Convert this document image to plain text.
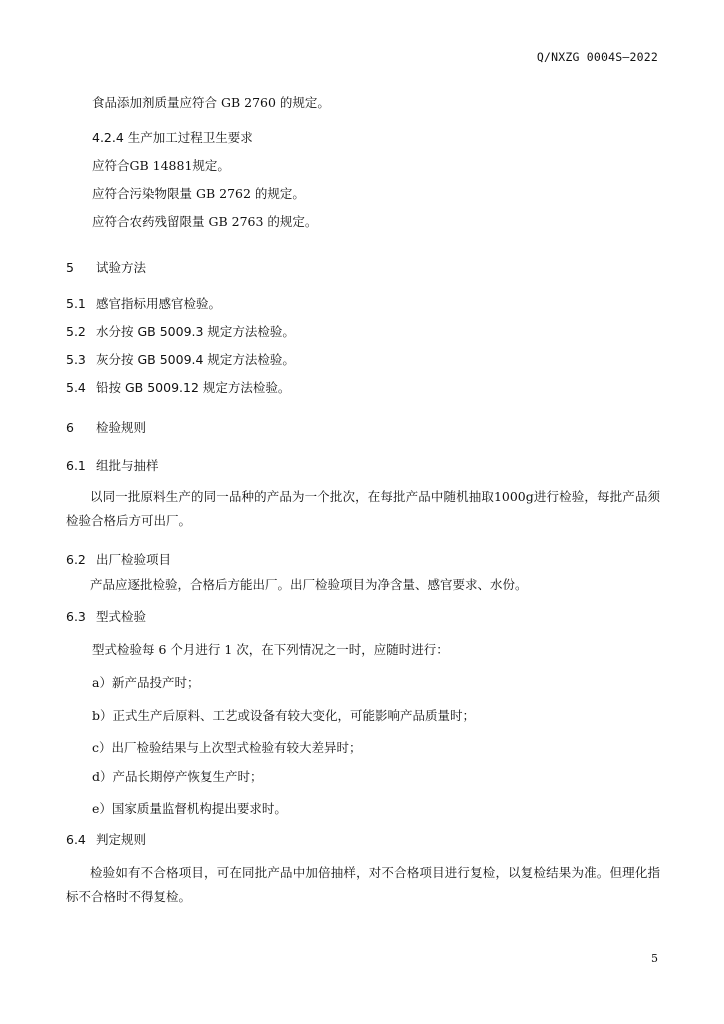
Q/NXZG 0004S—2022
食品添加剂质量应符合 GB 2760 的规定。
4.2.4 生产加工过程卫生要求
应符合GB 14881规定。
应符合污染物限量 GB 2762 的规定。
应符合农药残留限量 GB 2763 的规定。
5 试验方法
5.1 感官指标用感官检验。
5.2 水分按 GB 5009.3 规定方法检验。
5.3 灰分按 GB 5009.4 规定方法检验。
5.4 铅按 GB 5009.12 规定方法检验。
6 检验规则
6.1 组批与抽样
以同一批原料生产的同一品种的产品为一个批次，在每批产品中随机抽取1000g进行检验，每批产品须检验合格后方可出厂。
6.2 出厂检验项目
产品应逐批检验，合格后方能出厂。出厂检验项目为净含量、感官要求、水份。
6.3 型式检验
型式检验每 6 个月进行 1 次，在下列情况之一时，应随时进行：
a）新产品投产时；
b）正式生产后原料、工艺或设备有较大变化，可能影响产品质量时；
c）出厂检验结果与上次型式检验有较大差异时；
d）产品长期停产恢复生产时；
e）国家质量监督机构提出要求时。
6.4 判定规则
检验如有不合格项目，可在同批产品中加倍抽样，对不合格项目进行复检，以复检结果为准。但理化指标不合格时不得复检。
5
